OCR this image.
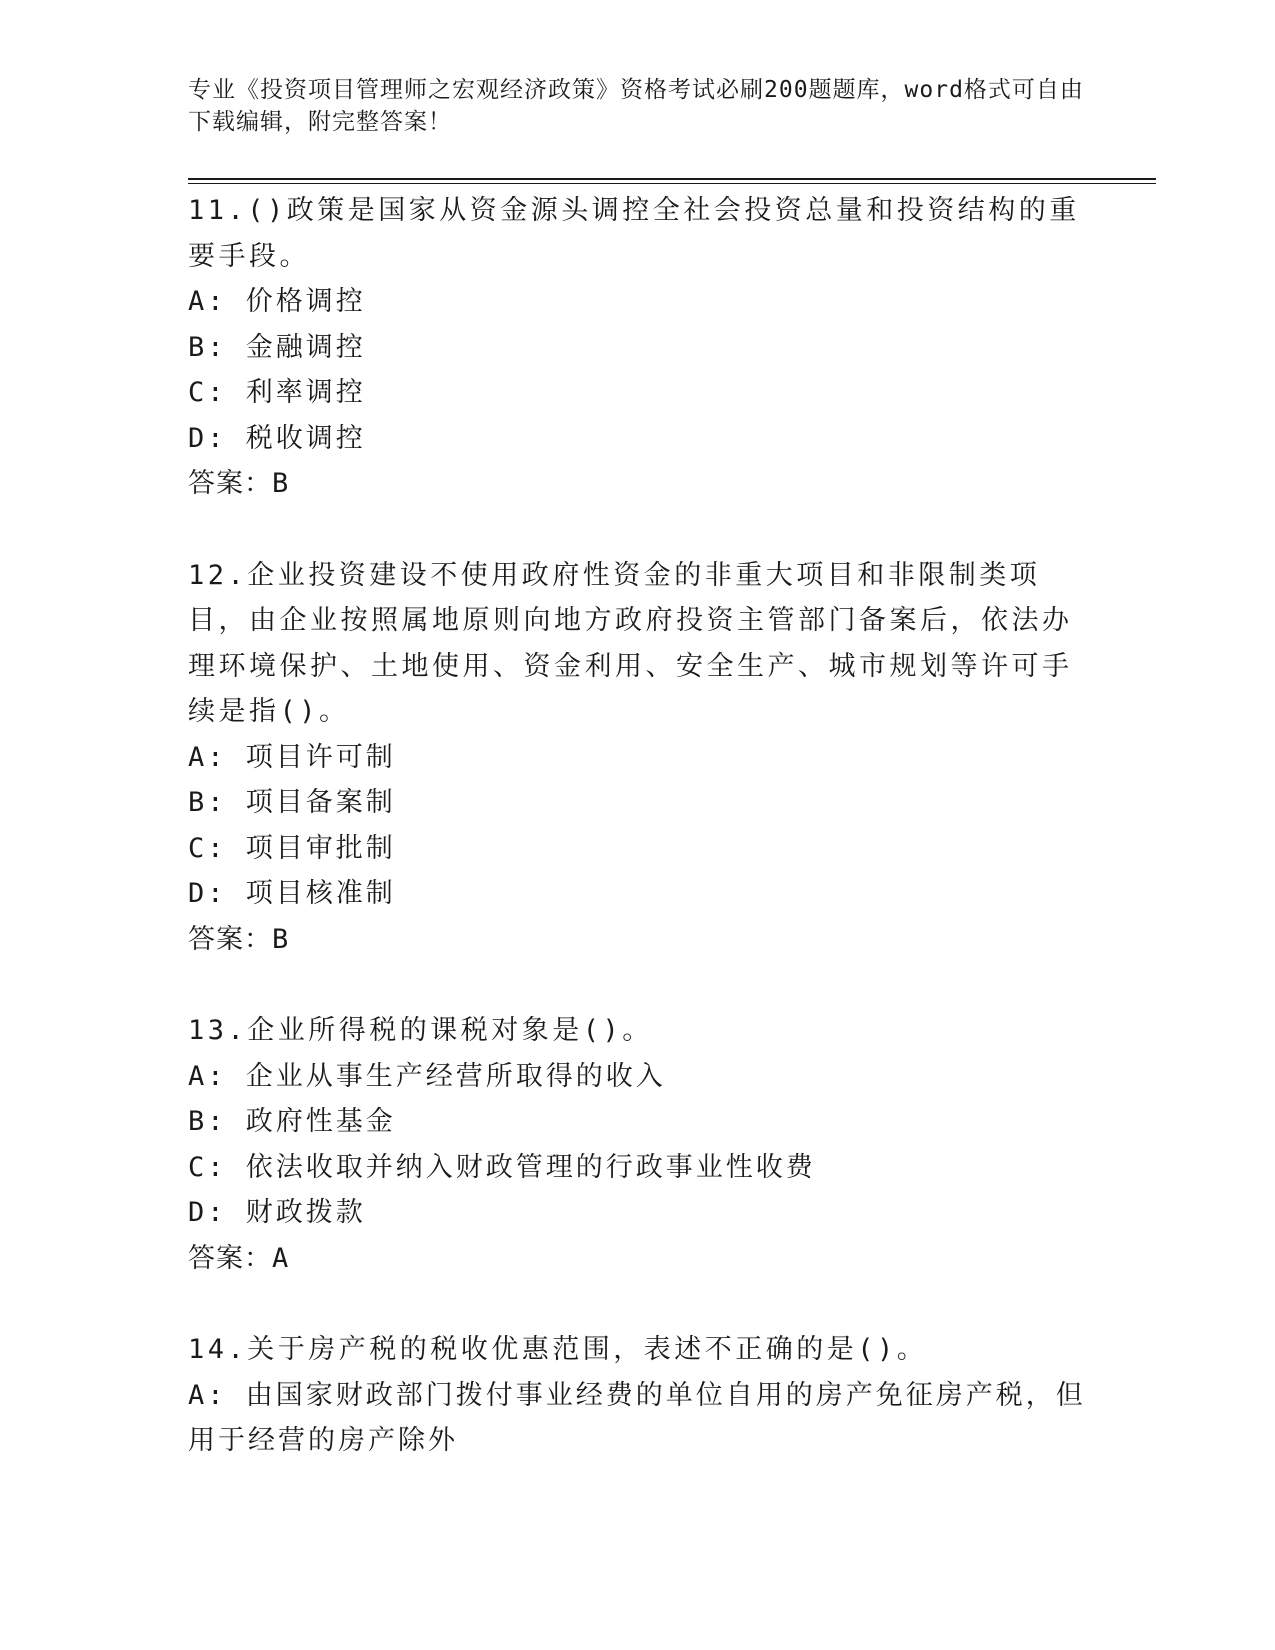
专业《投资项目管理师之宏观经济政策》资格考试必刷200题题库，word格式可自由下载编辑，附完整答案！

11.()政策是国家从资金源头调控全社会投资总量和投资结构的重要手段。

A: 价格调控

B: 金融调控

C: 利率调控

D: 税收调控

答案：B

12.企业投资建设不使用政府性资金的非重大项目和非限制类项目，由企业按照属地原则向地方政府投资主管部门备案后，依法办理环境保护、土地使用、资金利用、安全生产、城市规划等许可手续是指()。

A: 项目许可制

B: 项目备案制

C: 项目审批制

D: 项目核准制

答案：B

13.企业所得税的课税对象是()。

A: 企业从事生产经营所取得的收入

B: 政府性基金

C: 依法收取并纳入财政管理的行政事业性收费

D: 财政拨款

答案：A

14.关于房产税的税收优惠范围，表述不正确的是()。

A: 由国家财政部门拨付事业经费的单位自用的房产免征房产税，但用于经营的房产除外
